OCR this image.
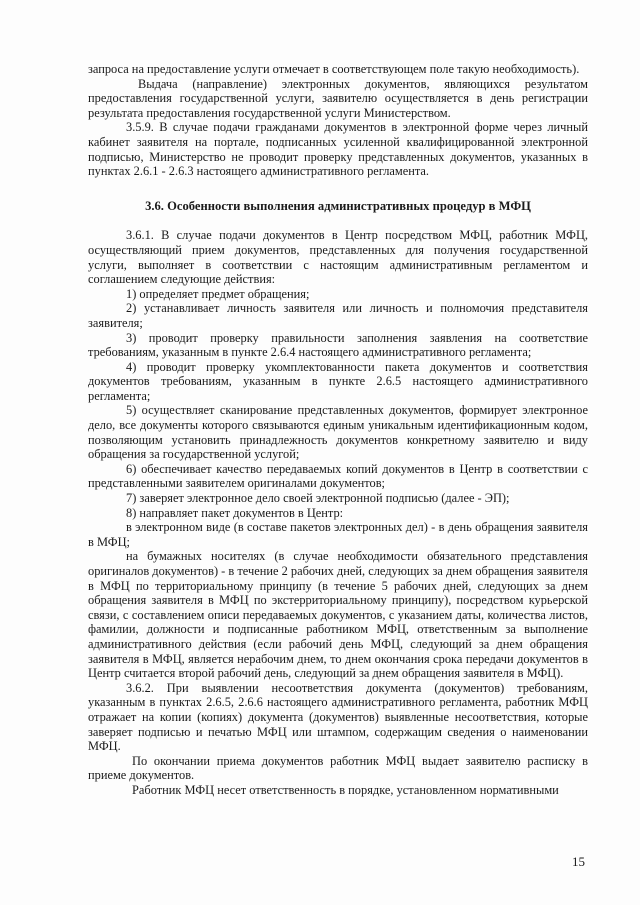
запроса на предоставление услуги отмечает в соответствующем поле такую необходимость).

Выдача (направление) электронных документов, являющихся результатом предоставления государственной услуги, заявителю осуществляется в день регистрации результата предоставления государственной услуги Министерством.

3.5.9. В случае подачи гражданами документов в электронной форме через личный кабинет заявителя на портале, подписанных усиленной квалифицированной электронной подписью, Министерство не проводит проверку представленных документов, указанных в пунктах 2.6.1 - 2.6.3 настоящего административного регламента.

3.6. Особенности выполнения административных процедур в МФЦ

3.6.1. В случае подачи документов в Центр посредством МФЦ, работник МФЦ, осуществляющий прием документов, представленных для получения государственной услуги, выполняет в соответствии с настоящим административным регламентом и соглашением следующие действия:

1) определяет предмет обращения;

2) устанавливает личность заявителя или личность и полномочия представителя заявителя;

3) проводит проверку правильности заполнения заявления на соответствие требованиям, указанным в пункте 2.6.4 настоящего административного регламента;

4) проводит проверку укомплектованности пакета документов и соответствия документов требованиям, указанным в пункте 2.6.5 настоящего административного регламента;

5) осуществляет сканирование представленных документов, формирует электронное дело, все документы которого связываются единым уникальным идентификационным кодом, позволяющим установить принадлежность документов конкретному заявителю и виду обращения за государственной услугой;

6) обеспечивает качество передаваемых копий документов в Центр в соответствии с представленными заявителем оригиналами документов;

7) заверяет электронное дело своей электронной подписью (далее - ЭП);

8) направляет пакет документов в Центр:

в электронном виде (в составе пакетов электронных дел) - в день обращения заявителя в МФЦ;

на бумажных носителях (в случае необходимости обязательного представления оригиналов документов) - в течение 2 рабочих дней, следующих за днем обращения заявителя в МФЦ по территориальному принципу (в течение 5 рабочих дней, следующих за днем обращения заявителя в МФЦ по экстерриториальному принципу), посредством курьерской связи, с составлением описи передаваемых документов, с указанием даты, количества листов, фамилии, должности и подписанные работником МФЦ, ответственным за выполнение административного действия (если рабочий день МФЦ, следующий за днем обращения заявителя в МФЦ, является нерабочим днем, то днем окончания срока передачи документов в Центр считается второй рабочий день, следующий за днем обращения заявителя в МФЦ).

3.6.2. При выявлении несоответствия документа (документов) требованиям, указанным в пунктах 2.6.5, 2.6.6 настоящего административного регламента, работник МФЦ отражает на копии (копиях) документа (документов) выявленные несоответствия, которые заверяет подписью и печатью МФЦ или штампом, содержащим сведения о наименовании МФЦ.

По окончании приема документов работник МФЦ выдает заявителю расписку в приеме документов.

Работник МФЦ несет ответственность в порядке, установленном нормативными

15
